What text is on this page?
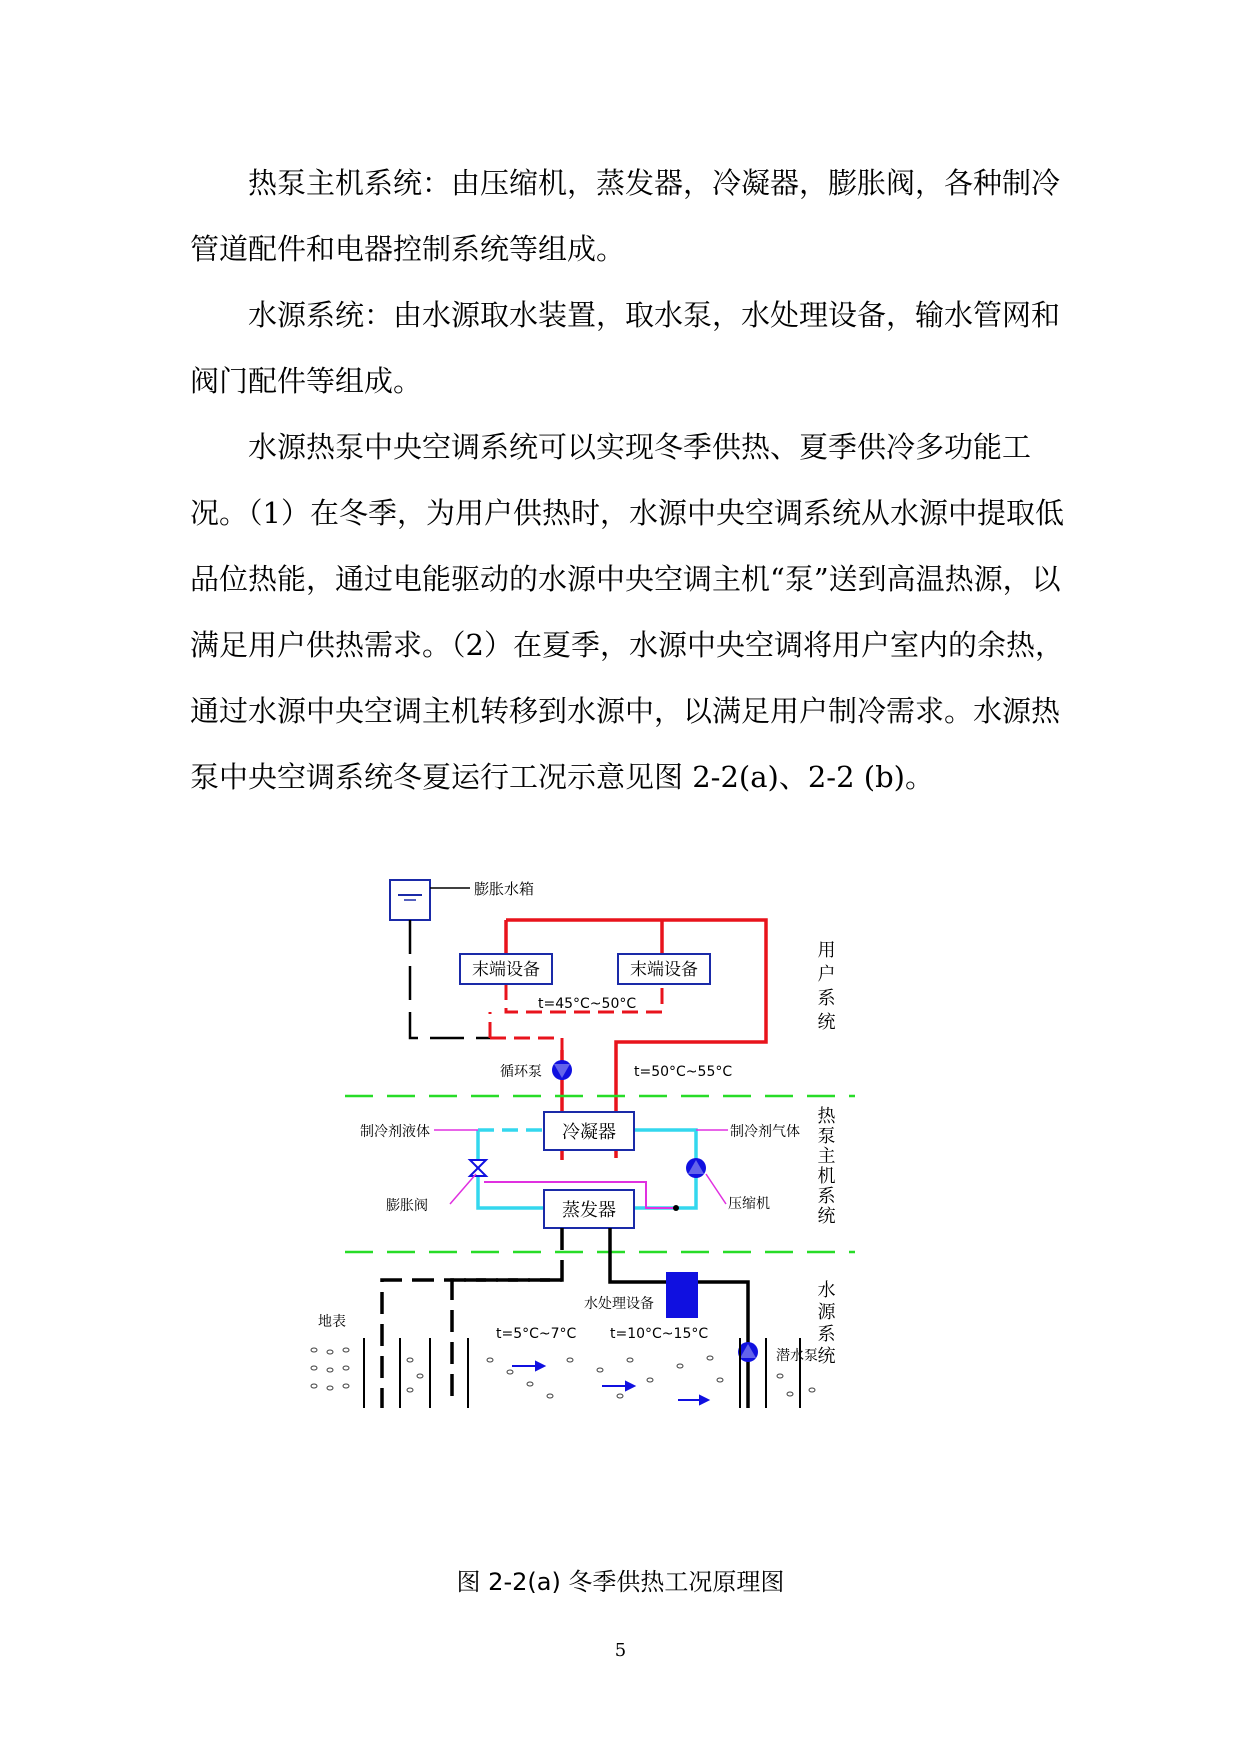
热泵主机系统：由压缩机，蒸发器，冷凝器，膨胀阀，各种制冷管道配件和电器控制系统等组成。

水源系统：由水源取水装置，取水泵，水处理设备，输水管网和阀门配件等组成。

水源热泵中央空调系统可以实现冬季供热、夏季供冷多功能工况。（1）在冬季，为用户供热时，水源中央空调系统从水源中提取低品位热能，通过电能驱动的水源中央空调主机“泵”送到高温热源，以满足用户供热需求。（2）在夏季，水源中央空调将用户室内的余热，通过水源中央空调主机转移到水源中，以满足用户制冷需求。水源热泵中央空调系统冬夏运行工况示意见图 2-2(a)、2-2 (b)。

膨胀水箱
末端设备	末端设备
t=45°C~50°C
t=50°C~55°C
循环泵
冷凝器
蒸发器
膨胀阀	压缩机
制冷剂液体	制冷剂气体
水处理设备
潜水泵
地表
t=5°C~7°C t=10°C~15°C
用户系统
热泵主机系统
水源系统
图 2-2(a) 冬季供热工况原理图
5
